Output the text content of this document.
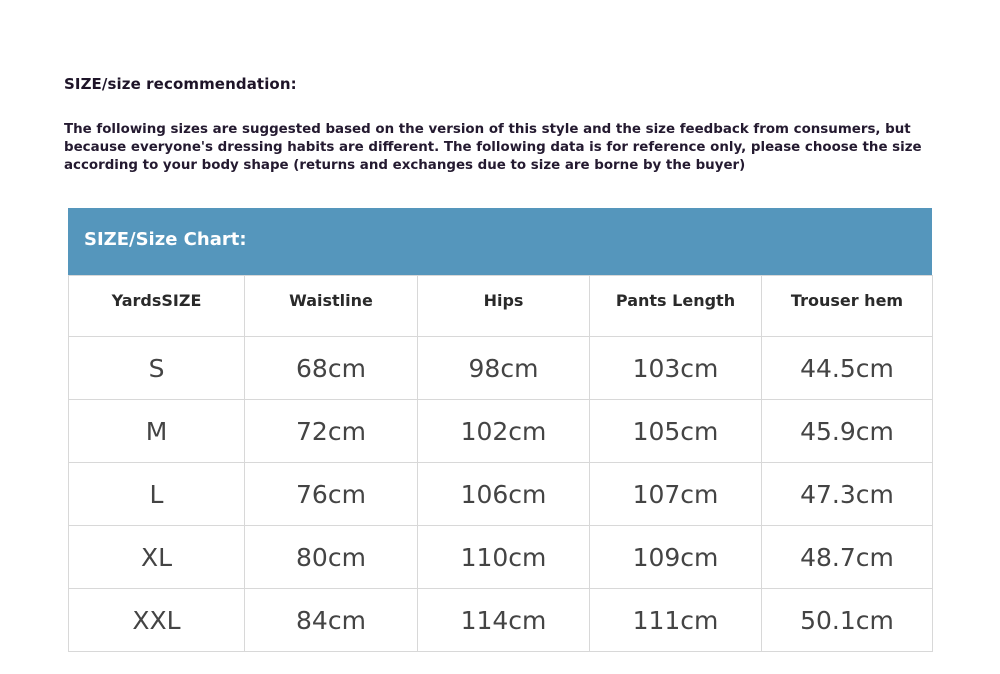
SIZE/size recommendation:
The following sizes are suggested based on the version of this style and the size feedback from consumers, but
because everyone's dressing habits are different. The following data is for reference only, please choose the size
according to your body shape (returns and exchanges due to size are borne by the buyer)
SIZE/Size Chart:
YardsSIZE	Waistline	Hips	Pants Length	Trouser hem
S	68cm	98cm	103cm	44.5cm
M	72cm	102cm	105cm	45.9cm
L	76cm	106cm	107cm	47.3cm
XL	80cm	110cm	109cm	48.7cm
XXL	84cm	114cm	111cm	50.1cm
